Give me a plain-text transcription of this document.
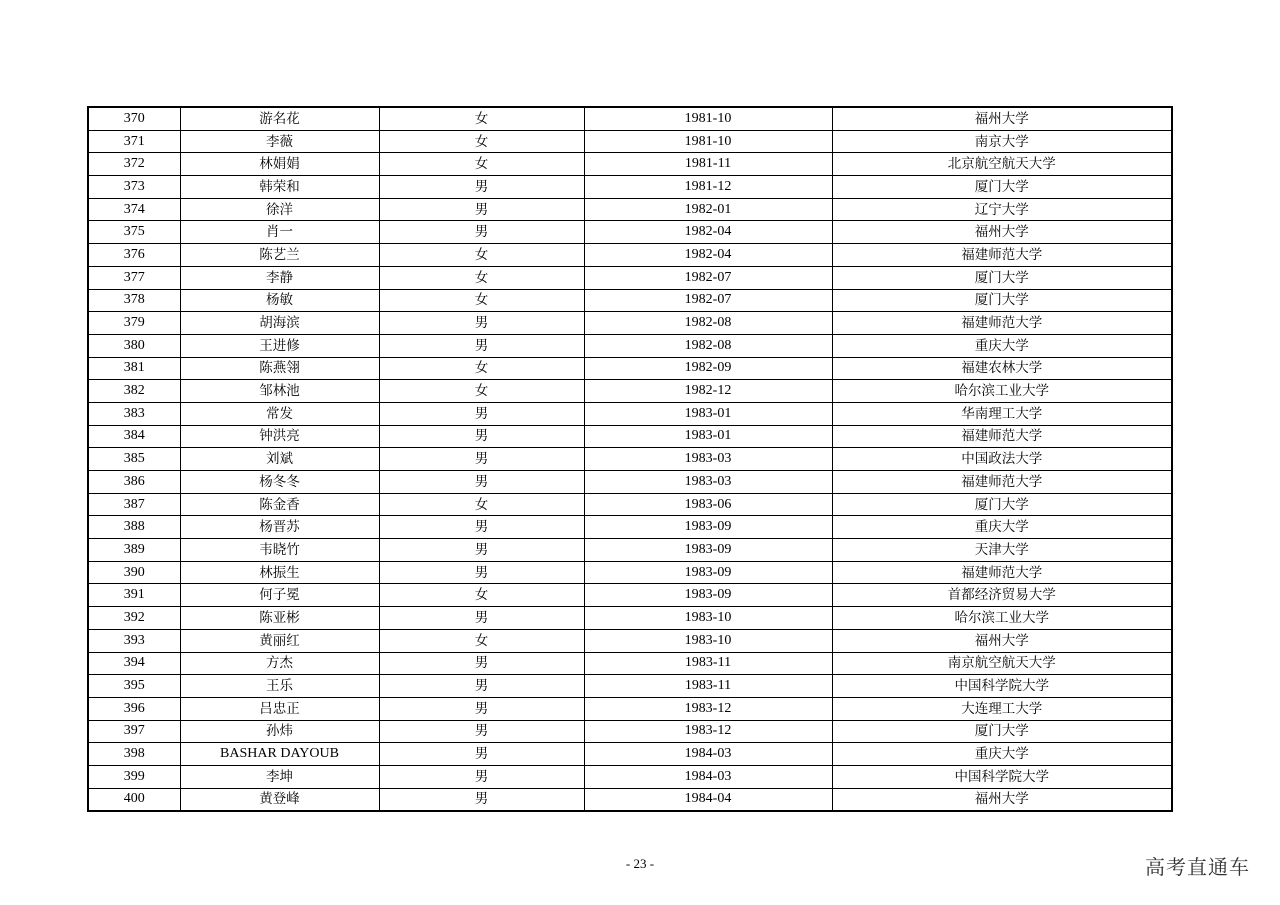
370	游名花	女	1981-10	福州大学
371	李薇	女	1981-10	南京大学
372	林娟娟	女	1981-11	北京航空航天大学
373	韩荣和	男	1981-12	厦门大学
374	徐洋	男	1982-01	辽宁大学
375	肖一	男	1982-04	福州大学
376	陈艺兰	女	1982-04	福建师范大学
377	李静	女	1982-07	厦门大学
378	杨敏	女	1982-07	厦门大学
379	胡海滨	男	1982-08	福建师范大学
380	王进修	男	1982-08	重庆大学
381	陈燕翎	女	1982-09	福建农林大学
382	邹林池	女	1982-12	哈尔滨工业大学
383	常发	男	1983-01	华南理工大学
384	钟洪亮	男	1983-01	福建师范大学
385	刘斌	男	1983-03	中国政法大学
386	杨冬冬	男	1983-03	福建师范大学
387	陈金香	女	1983-06	厦门大学
388	杨晋苏	男	1983-09	重庆大学
389	韦晓竹	男	1983-09	天津大学
390	林振生	男	1983-09	福建师范大学
391	何子冕	女	1983-09	首都经济贸易大学
392	陈亚彬	男	1983-10	哈尔滨工业大学
393	黄丽红	女	1983-10	福州大学
394	方杰	男	1983-11	南京航空航天大学
395	王乐	男	1983-11	中国科学院大学
396	吕忠正	男	1983-12	大连理工大学
397	孙炜	男	1983-12	厦门大学
398	BASHAR DAYOUB	男	1984-03	重庆大学
399	李坤	男	1984-03	中国科学院大学
400	黄登峰	男	1984-04	福州大学
- 23 -	高考直通车
